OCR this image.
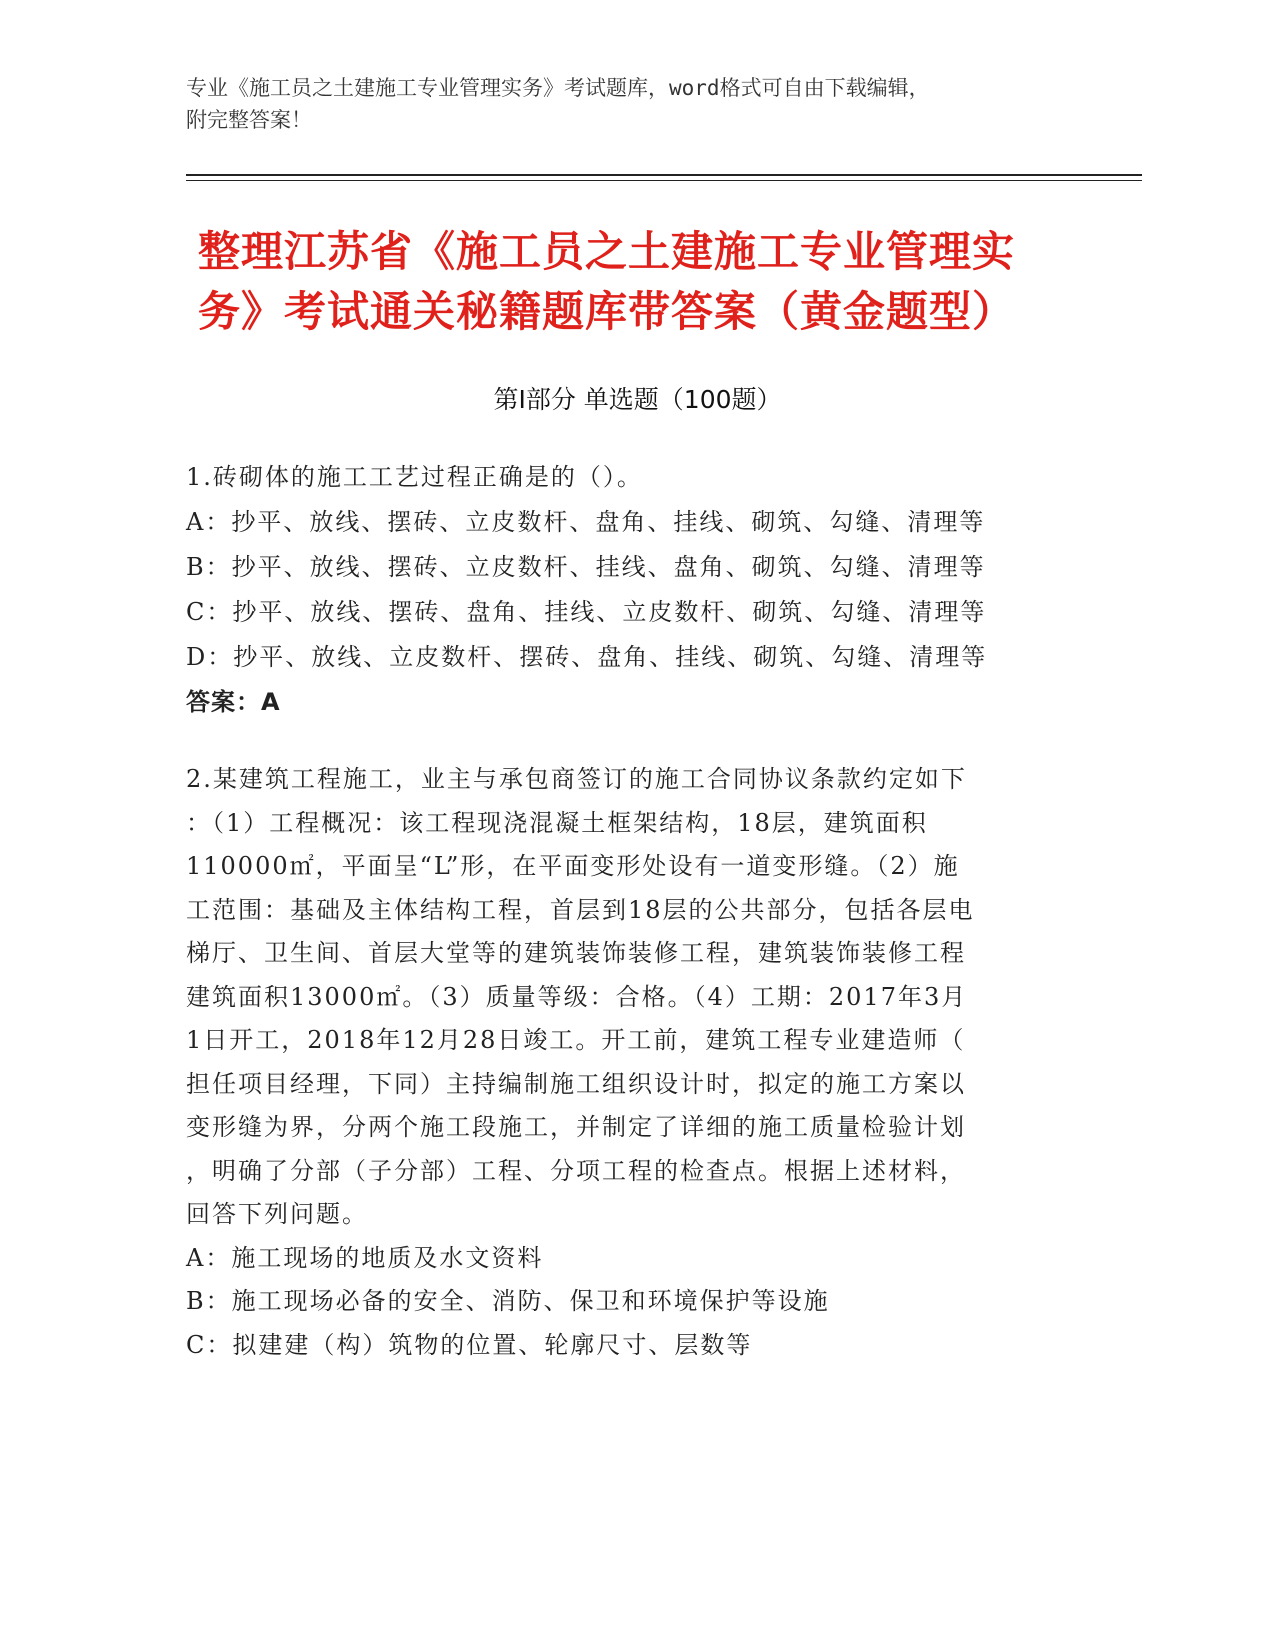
专业《施工员之土建施工专业管理实务》考试题库，word格式可自由下载编辑，
附完整答案！
整理江苏省《施工员之土建施工专业管理实
务》考试通关秘籍题库带答案（黄金题型）
第Ⅰ部分 单选题（100题）
1.砖砌体的施工工艺过程正确是的（）。
A：抄平、放线、摆砖、立皮数杆、盘角、挂线、砌筑、勾缝、清理等
B：抄平、放线、摆砖、立皮数杆、挂线、盘角、砌筑、勾缝、清理等
C：抄平、放线、摆砖、盘角、挂线、立皮数杆、砌筑、勾缝、清理等
D：抄平、放线、立皮数杆、摆砖、盘角、挂线、砌筑、勾缝、清理等
答案：A
2.某建筑工程施工，业主与承包商签订的施工合同协议条款约定如下
：（1）工程概况：该工程现浇混凝土框架结构，18层，建筑面积
110000㎡，平面呈“L”形，在平面变形处设有一道变形缝。（2）施
工范围：基础及主体结构工程，首层到18层的公共部分，包括各层电
梯厅、卫生间、首层大堂等的建筑装饰装修工程，建筑装饰装修工程
建筑面积13000㎡。（3）质量等级：合格。（4）工期：2017年3月
1日开工，2018年12月28日竣工。开工前，建筑工程专业建造师（
担任项目经理，下同）主持编制施工组织设计时，拟定的施工方案以
变形缝为界，分两个施工段施工，并制定了详细的施工质量检验计划
，明确了分部（子分部）工程、分项工程的检查点。根据上述材料，
回答下列问题。
A：施工现场的地质及水文资料
B：施工现场必备的安全、消防、保卫和环境保护等设施
C：拟建建（构）筑物的位置、轮廓尺寸、层数等
